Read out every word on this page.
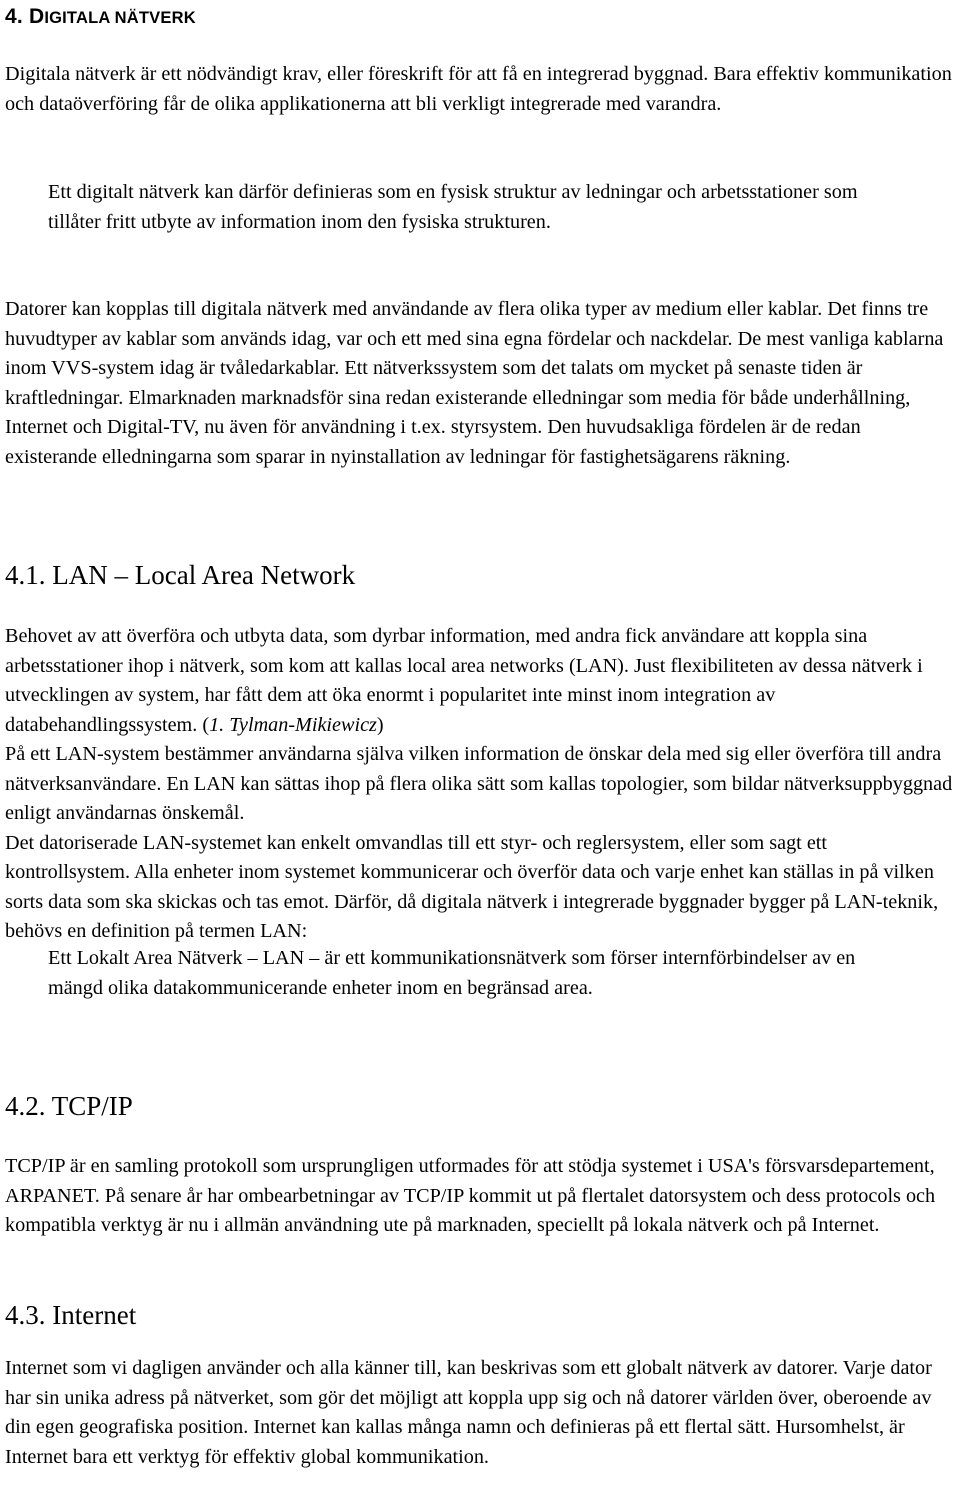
4. DIGITALA NÄTVERK

Digitala nätverk är ett nödvändigt krav, eller föreskrift för att få en integrerad byggnad. Bara effektiv kommunikation och dataöverföring får de olika applikationerna att bli verkligt integrerade med varandra.

Ett digitalt nätverk kan därför definieras som en fysisk struktur av ledningar och arbetsstationer som tillåter fritt utbyte av information inom den fysiska strukturen.

Datorer kan kopplas till digitala nätverk med användande av flera olika typer av medium eller kablar. Det finns tre huvudtyper av kablar som används idag, var och ett med sina egna fördelar och nackdelar. De mest vanliga kablarna inom VVS-system idag är tvåledarkablar. Ett nätverkssystem som det talats om mycket på senaste tiden är kraftledningar. Elmarknaden marknadsför sina redan existerande elledningar som media för både underhållning, Internet och Digital-TV, nu även för användning i t.ex. styrsystem. Den huvudsakliga fördelen är de redan existerande elledningarna som sparar in nyinstallation av ledningar för fastighetsägarens räkning.

4.1. LAN – Local Area Network

Behovet av att överföra och utbyta data, som dyrbar information, med andra fick användare att koppla sina arbetsstationer ihop i nätverk, som kom att kallas local area networks (LAN). Just flexibiliteten av dessa nätverk i utvecklingen av system, har fått dem att öka enormt i popularitet inte minst inom integration av databehandlingssystem. (1. Tylman-Mikiewicz)

På ett LAN-system bestämmer användarna själva vilken information de önskar dela med sig eller överföra till andra nätverksanvändare. En LAN kan sättas ihop på flera olika sätt som kallas topologier, som bildar nätverksuppbyggnad enligt användarnas önskemål.

Det datoriserade LAN-systemet kan enkelt omvandlas till ett styr- och reglersystem, eller som sagt ett kontrollsystem. Alla enheter inom systemet kommunicerar och överför data och varje enhet kan ställas in på vilken sorts data som ska skickas och tas emot. Därför, då digitala nätverk i integrerade byggnader bygger på LAN-teknik, behövs en definition på termen LAN:

Ett Lokalt Area Nätverk – LAN – är ett kommunikationsnätverk som förser internförbindelser av en mängd olika datakommunicerande enheter inom en begränsad area.

4.2. TCP/IP

TCP/IP är en samling protokoll som ursprungligen utformades för att stödja systemet i USA's försvarsdepartement, ARPANET. På senare år har ombearbetningar av TCP/IP kommit ut på flertalet datorsystem och dess protocols och kompatibla verktyg är nu i allmän användning ute på marknaden, speciellt på lokala nätverk och på Internet.

4.3. Internet

Internet som vi dagligen använder och alla känner till, kan beskrivas som ett globalt nätverk av datorer. Varje dator har sin unika adress på nätverket, som gör det möjligt att koppla upp sig och nå datorer världen över, oberoende av din egen geografiska position. Internet kan kallas många namn och definieras på ett flertal sätt. Hursomhelst, är Internet bara ett verktyg för effektiv global kommunikation.
